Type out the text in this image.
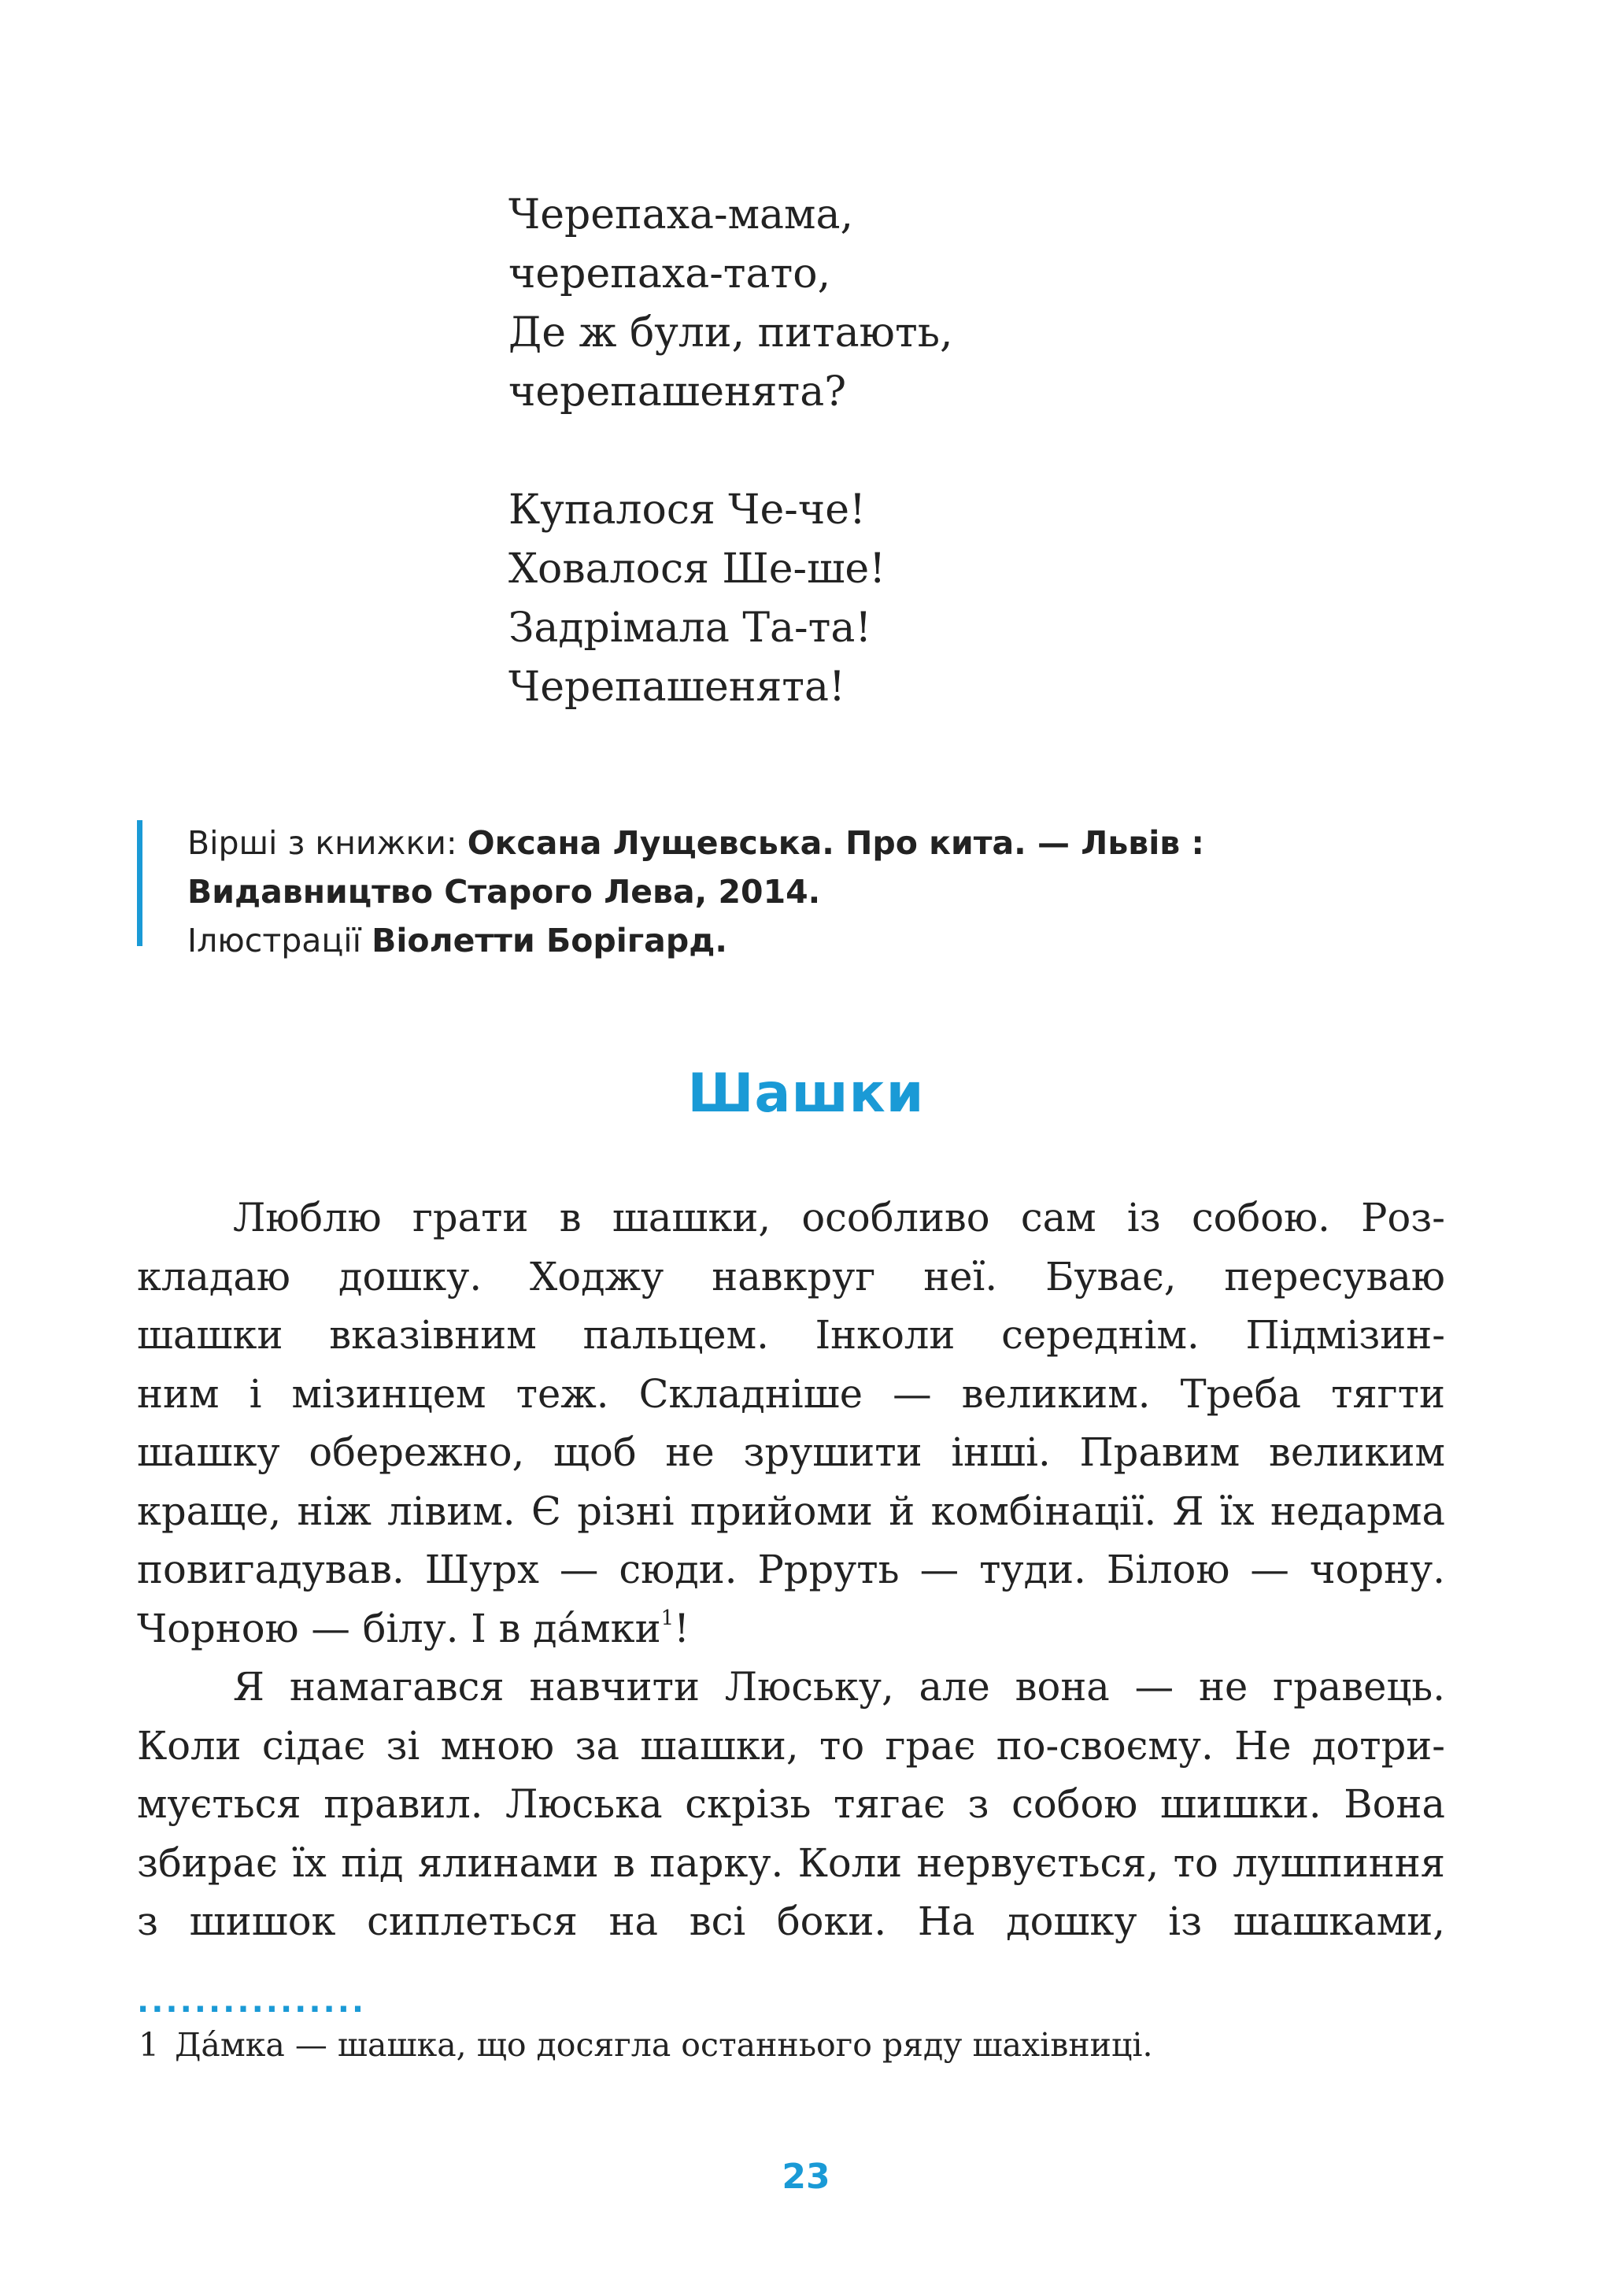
Черепаха-мама,
черепаха-тато,
Де ж були, питають,
черепашенята?
Купалося Че-че!
Ховалося Ше-ше!
Задрімала Та-та!
Черепашенята!
Вірші з книжки: Оксана Лущевська. Про кита. — Львів :
Видавництво Старого Лева, 2014.
Ілюстрації Віолетти Борігард.
Шашки
Люблю грати в шашки, особливо сам із собою. Роз-
кладаю дошку. Ходжу навкруг неї. Буває, пересуваю
шашки вказівним пальцем. Інколи середнім. Підмізин-
ним і мізинцем теж. Складніше — великим. Треба тягти
шашку обережно, щоб не зрушити інші. Правим великим
краще, ніж лівим. Є різні прийоми й комбінації. Я їх недарма
повигадував. Шурх — сюди. Ррруть — туди. Білою — чорну.
Чорною — білу. І в да́мки$^1$!
Я намагався навчити Люську, але вона — не гравець.
Коли сідає зі мною за шашки, то грає по-своєму. Не дотри-
мується правил. Люська скрізь тягає з собою шишки. Вона
збирає їх під ялинами в парку. Коли нервується, то лушпиння
з шишок сиплеться на всі боки. На дошку із шашками,
................
1 Да́мка — шашка, що досягла останнього ряду шахівниці.
23
